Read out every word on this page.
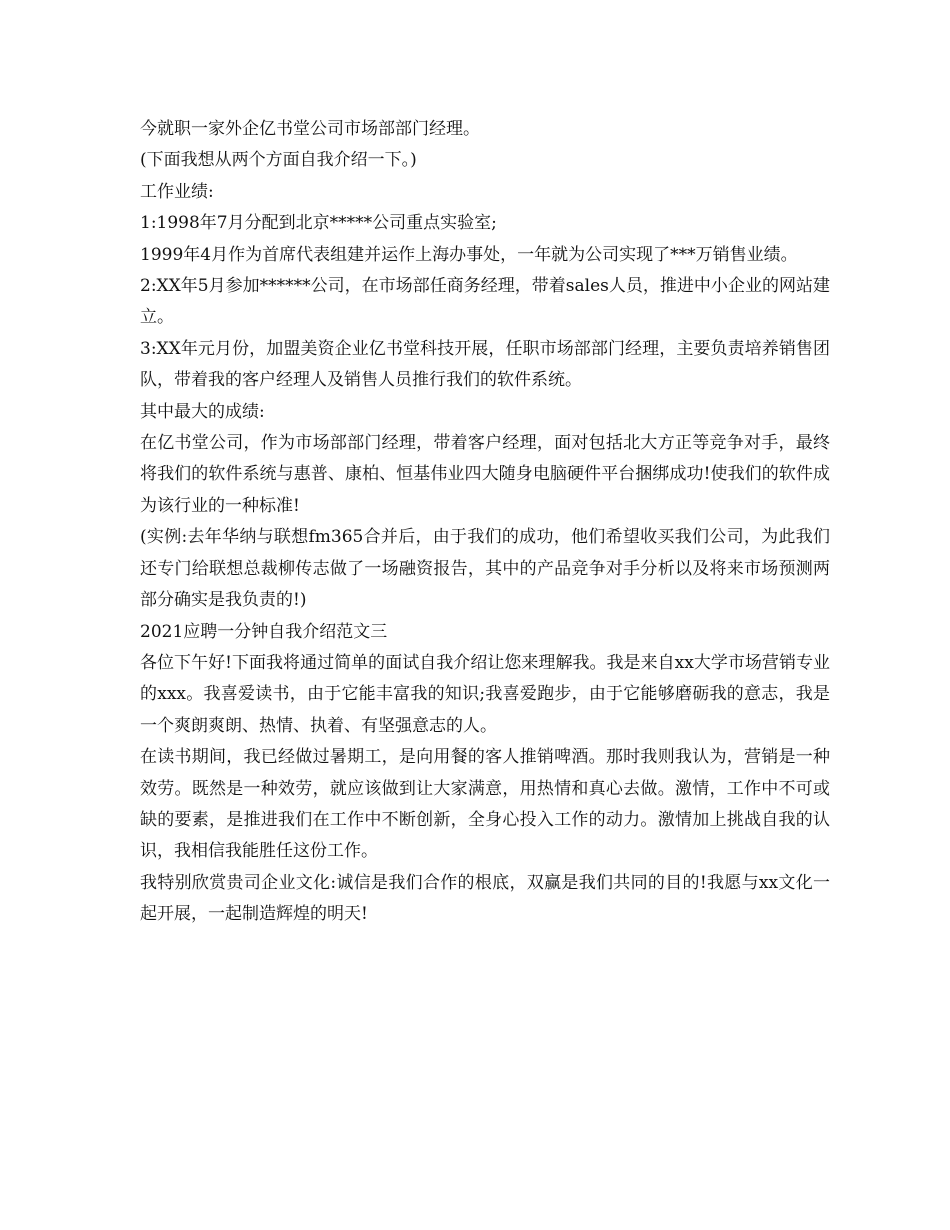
今就职一家外企亿书堂公司市场部部门经理。

(下面我想从两个方面自我介绍一下。)

工作业绩:

1:1998年7月分配到北京*****公司重点实验室;

1999年4月作为首席代表组建并运作上海办事处，一年就为公司实现了***万销售业绩。

2:XX年5月参加******公司，在市场部任商务经理，带着sales人员，推进中小企业的网站建立。

3:XX年元月份，加盟美资企业亿书堂科技开展，任职市场部部门经理，主要负责培养销售团队，带着我的客户经理人及销售人员推行我们的软件系统。

其中最大的成绩:

在亿书堂公司，作为市场部部门经理，带着客户经理，面对包括北大方正等竞争对手，最终将我们的软件系统与惠普、康柏、恒基伟业四大随身电脑硬件平台捆绑成功!使我们的软件成为该行业的一种标准!

(实例:去年华纳与联想fm365合并后，由于我们的成功，他们希望收买我们公司，为此我们还专门给联想总裁柳传志做了一场融资报告，其中的产品竞争对手分析以及将来市场预测两部分确实是我负责的!)

2021应聘一分钟自我介绍范文三

各位下午好!下面我将通过简单的面试自我介绍让您来理解我。我是来自xx大学市场营销专业的xxx。我喜爱读书，由于它能丰富我的知识;我喜爱跑步，由于它能够磨砺我的意志，我是一个爽朗爽朗、热情、执着、有坚强意志的人。

在读书期间，我已经做过暑期工，是向用餐的客人推销啤酒。那时我则我认为，营销是一种效劳。既然是一种效劳，就应该做到让大家满意，用热情和真心去做。激情，工作中不可或缺的要素，是推进我们在工作中不断创新，全身心投入工作的动力。激情加上挑战自我的认识，我相信我能胜任这份工作。

我特别欣赏贵司企业文化:诚信是我们合作的根底，双赢是我们共同的目的!我愿与xx文化一起开展，一起制造辉煌的明天!
